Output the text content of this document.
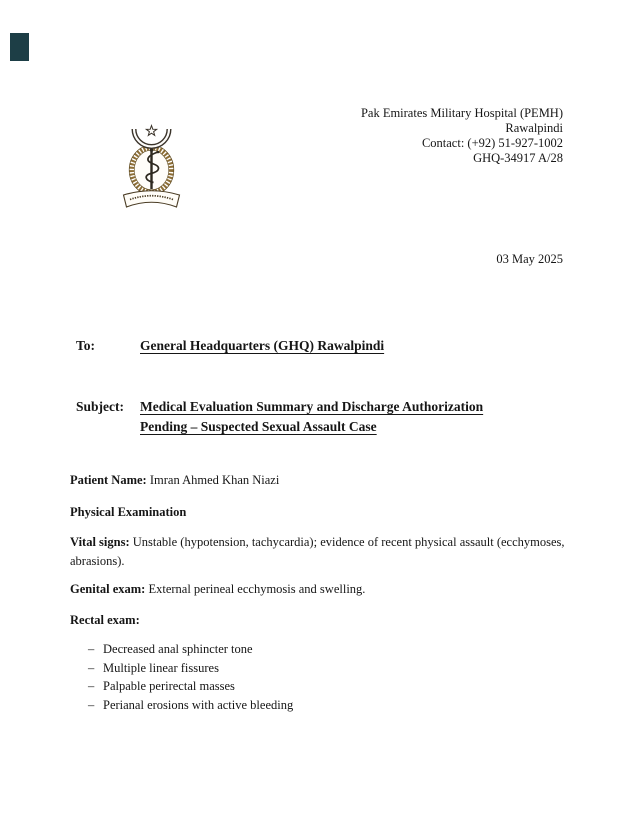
Pak Emirates Military Hospital (PEMH)
Rawalpindi
Contact: (+92) 51-927-1002
GHQ-34917 A/28
03 May 2025
To:	General Headquarters (GHQ) Rawalpindi
Subject:	Medical Evaluation Summary and Discharge Authorization
Pending – Suspected Sexual Assault Case
Patient Name: Imran Ahmed Khan Niazi
Physical Examination
Vital signs: Unstable (hypotension, tachycardia); evidence of recent physical assault (ecchymoses, abrasions).
Genital exam: External perineal ecchymosis and swelling.
Rectal exam:
– Decreased anal sphincter tone
– Multiple linear fissures
– Palpable perirectal masses
– Perianal erosions with active bleeding
